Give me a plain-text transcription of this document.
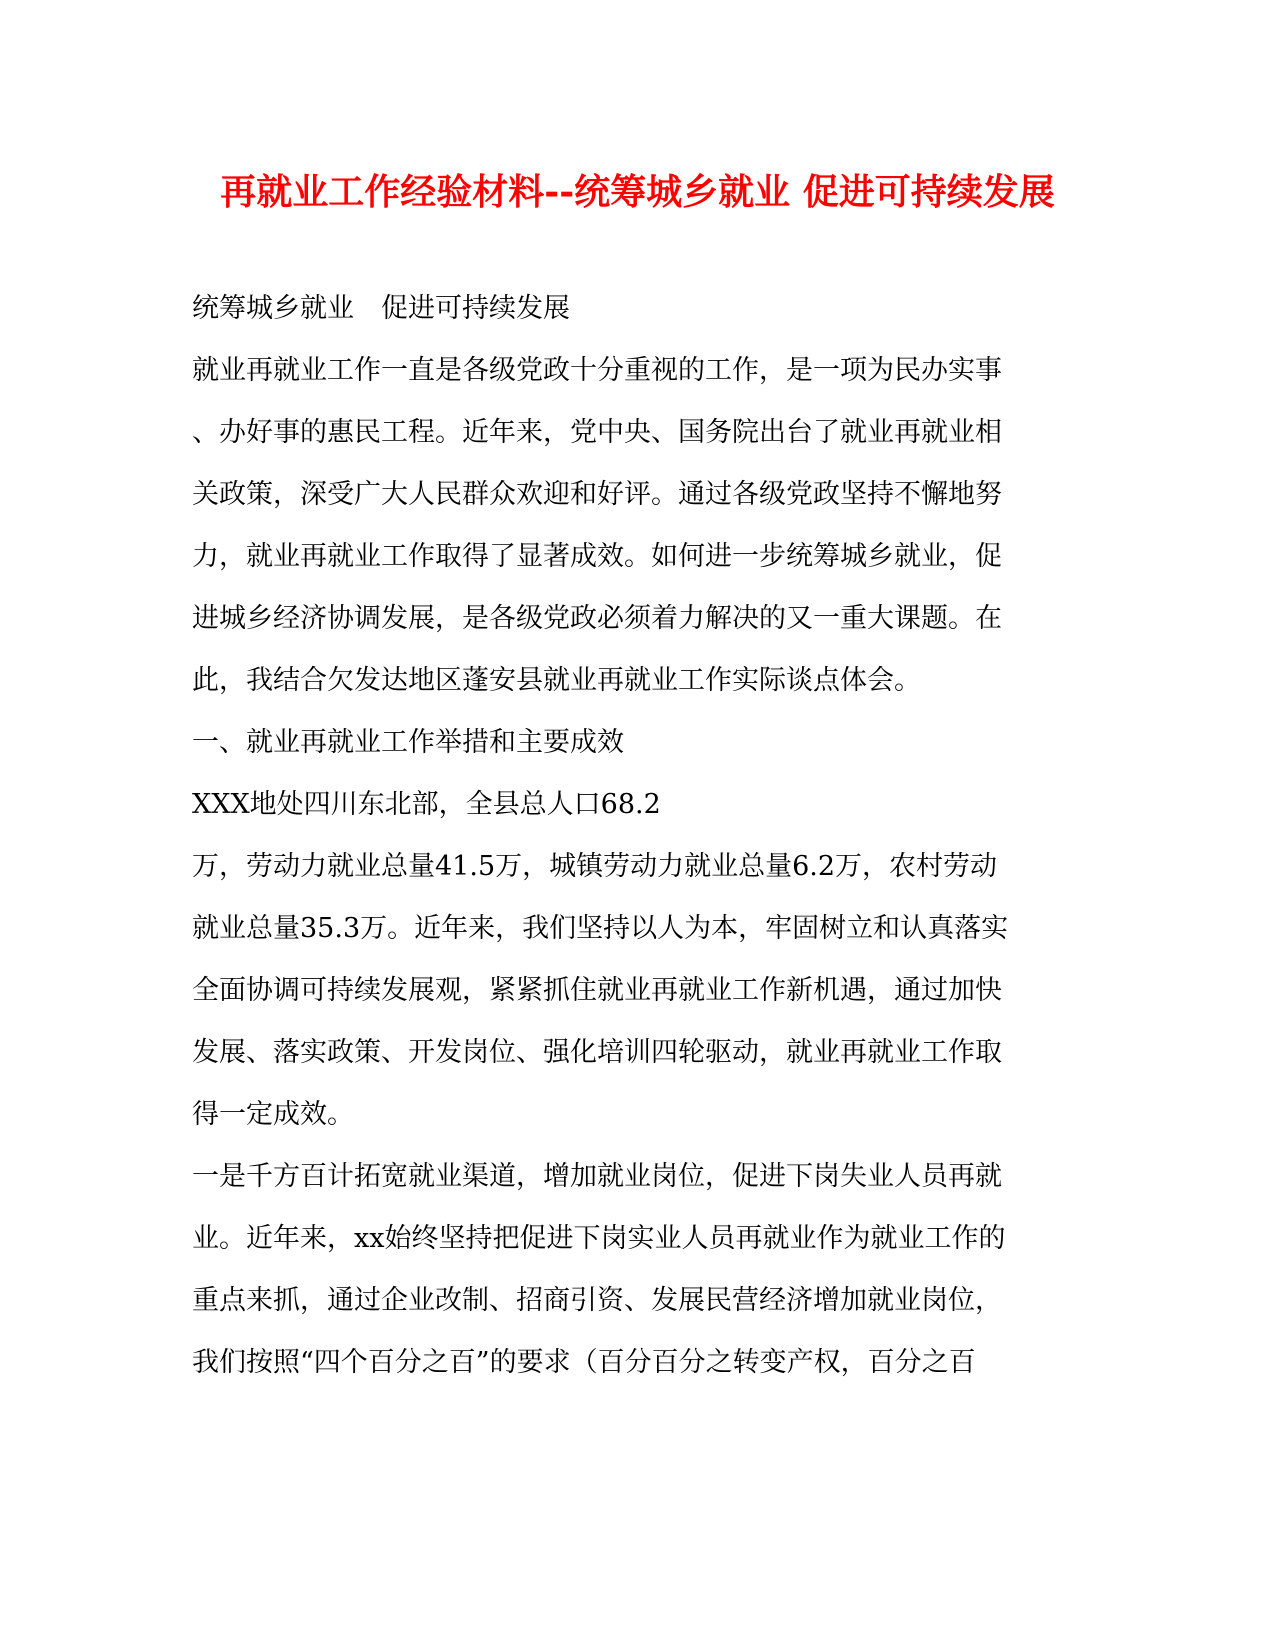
再就业工作经验材料--统筹城乡就业 促进可持续发展
统筹城乡就业　促进可持续发展
就业再就业工作一直是各级党政十分重视的工作，是一项为民办实事
、办好事的惠民工程。近年来，党中央、国务院出台了就业再就业相
关政策，深受广大人民群众欢迎和好评。通过各级党政坚持不懈地努
力，就业再就业工作取得了显著成效。如何进一步统筹城乡就业，促
进城乡经济协调发展，是各级党政必须着力解决的又一重大课题。在
此，我结合欠发达地区蓬安县就业再就业工作实际谈点体会。
一、就业再就业工作举措和主要成效
XXX地处四川东北部，全县总人口68.2
万，劳动力就业总量41.5万，城镇劳动力就业总量6.2万，农村劳动
就业总量35.3万。近年来，我们坚持以人为本，牢固树立和认真落实
全面协调可持续发展观，紧紧抓住就业再就业工作新机遇，通过加快
发展、落实政策、开发岗位、强化培训四轮驱动，就业再就业工作取
得一定成效。
一是千方百计拓宽就业渠道，增加就业岗位，促进下岗失业人员再就
业。近年来，xx始终坚持把促进下岗实业人员再就业作为就业工作的
重点来抓，通过企业改制、招商引资、发展民营经济增加就业岗位，
我们按照“四个百分之百”的要求（百分百分之转变产权，百分之百
